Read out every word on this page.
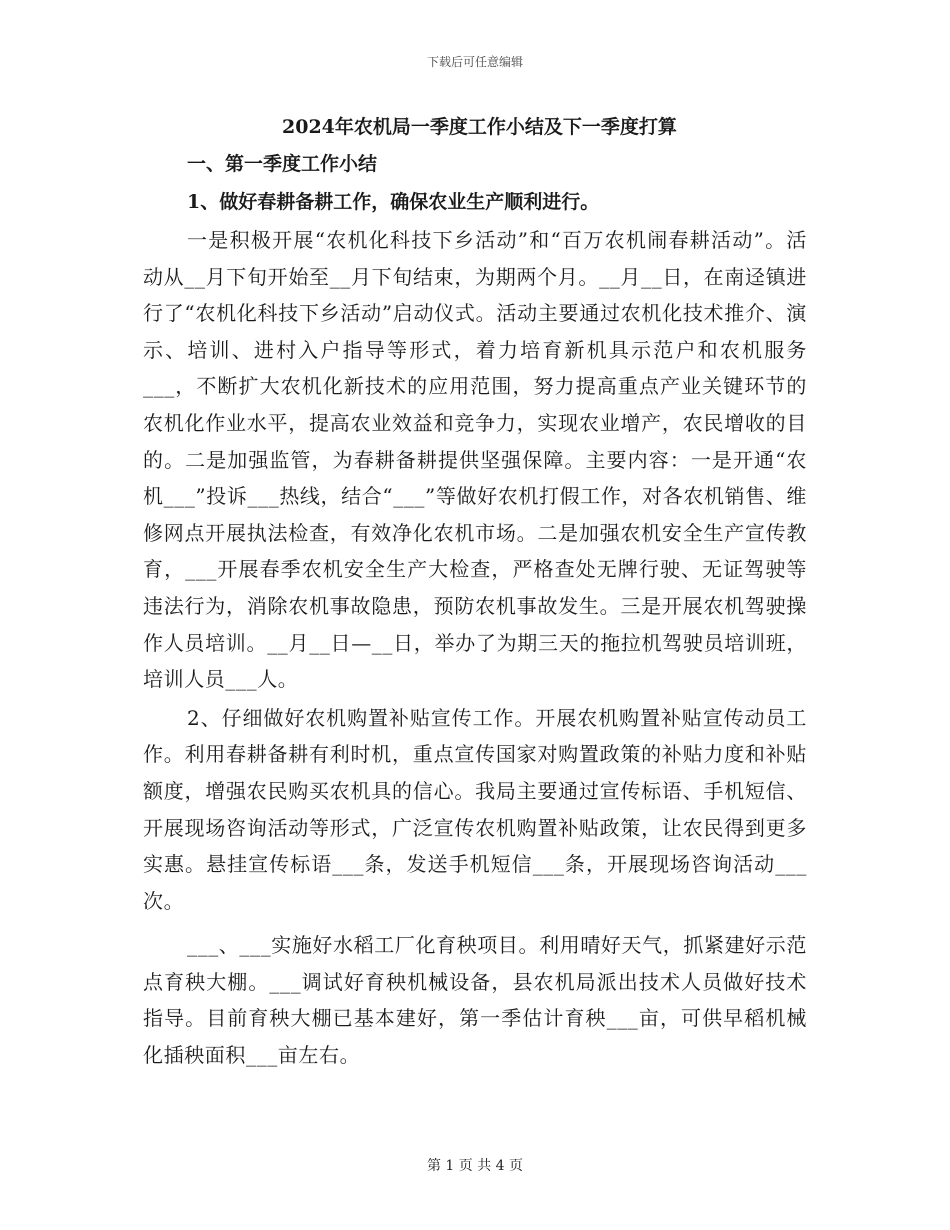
下载后可任意编辑
2024年农机局一季度工作小结及下一季度打算
一、第一季度工作小结
1、做好春耕备耕工作，确保农业生产顺利进行。

一是积极开展“农机化科技下乡活动”和“百万农机闹春耕活动”。活动从__月下旬开始至__月下旬结束，为期两个月。__月__日，在南迳镇进行了“农机化科技下乡活动”启动仪式。活动主要通过农机化技术推介、演示、培训、进村入户指导等形式，着力培育新机具示范户和农机服务___，不断扩大农机化新技术的应用范围，努力提高重点产业关键环节的农机化作业水平，提高农业效益和竞争力，实现农业增产，农民增收的目的。二是加强监管，为春耕备耕提供坚强保障。主要内容：一是开通“农机___”投诉___热线，结合“___”等做好农机打假工作，对各农机销售、维修网点开展执法检查，有效净化农机市场。二是加强农机安全生产宣传教育，___开展春季农机安全生产大检查，严格查处无牌行驶、无证驾驶等违法行为，消除农机事故隐患，预防农机事故发生。三是开展农机驾驶操作人员培训。__月__日—__日，举办了为期三天的拖拉机驾驶员培训班，培训人员___人。

2、仔细做好农机购置补贴宣传工作。开展农机购置补贴宣传动员工作。利用春耕备耕有利时机，重点宣传国家对购置政策的补贴力度和补贴额度，增强农民购买农机具的信心。我局主要通过宣传标语、手机短信、开展现场咨询活动等形式，广泛宣传农机购置补贴政策，让农民得到更多实惠。悬挂宣传标语___条，发送手机短信___条，开展现场咨询活动___次。

___、___实施好水稻工厂化育秧项目。利用晴好天气，抓紧建好示范点育秧大棚。___调试好育秧机械设备，县农机局派出技术人员做好技术指导。目前育秧大棚已基本建好，第一季估计育秧___亩，可供早稻机械化插秧面积___亩左右。

第 1 页 共 4 页
